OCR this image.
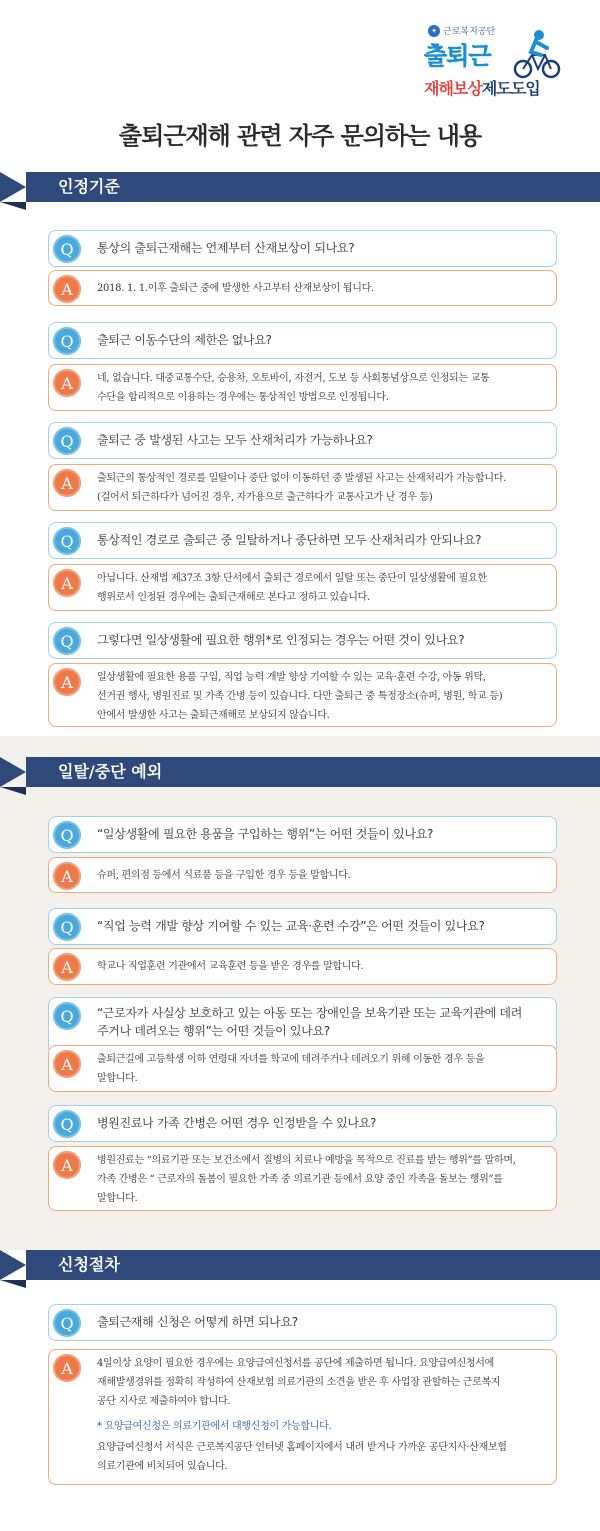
✦ 근로복지공단
출퇴근
재해보상제도도입
출퇴근재해 관련 자주 문의하는 내용
인정기준
Q	통상의 출퇴근재해는 언제부터 산재보상이 되나요?
A	2018. 1. 1.이후 출퇴근 중에 발생한 사고부터 산재보상이 됩니다.
Q	출퇴근 이동수단의 제한은 없나요?
A	네, 없습니다. 대중교통수단, 승용차, 오토바이, 자전거, 도보 등 사회통념상으로 인정되는 교통
수단을 합리적으로 이용하는 경우에는 통상적인 방법으로 인정됩니다.
Q	출퇴근 중 발생된 사고는 모두 산재처리가 가능하나요?
A	출퇴근의 통상적인 경로를 일탈이나 중단 없이 이동하던 중 발생된 사고는 산재처리가 가능합니다.
(걸어서 퇴근하다가 넘어진 경우, 자가용으로 출근하다가 교통사고가 난 경우 등)
Q	통상적인 경로로 출퇴근 중 일탈하거나 중단하면 모두 산재처리가 안되나요?
A	아닙니다. 산재법 제37조 3항 단서에서 출퇴근 경로에서 일탈 또는 중단이 일상생활에 필요한
행위로서 인정된 경우에는 출퇴근재해로 본다고 정하고 있습니다.
Q	그렇다면 일상생활에 필요한 행위*로 인정되는 경우는 어떤 것이 있나요?
A	일상생활에 필요한 용품 구입, 직업 능력 개발 향상 기여할 수 있는 교육·훈련 수강, 아동 위탁,
선거권 행사, 병원진료 및 가족 간병 등이 있습니다. 다만 출퇴근 중 특정장소(슈퍼, 병원, 학교 등)
안에서 발생한 사고는 출퇴근재해로 보상되지 않습니다.
일탈/중단 예외
Q	“일상생활에 필요한 용품을 구입하는 행위”는 어떤 것들이 있나요?
A	슈퍼, 편의점 등에서 식료품 등을 구입한 경우 등을 말합니다.
Q	“직업 능력 개발 향상 기여할 수 있는 교육·훈련 수강”은 어떤 것들이 있나요?
A	학교나 직업훈련 기관에서 교육훈련 등을 받은 경우를 말합니다.
Q	“근로자가 사실상 보호하고 있는 아동 또는 장애인을 보육기관 또는 교육기관에 데려
주거나 데려오는 행위”는 어떤 것들이 있나요?
A	출퇴근길에 고등학생 이하 연령대 자녀를 학교에 데려주거나 데려오기 위해 이동한 경우 등을
말합니다.
Q	병원진료나 가족 간병은 어떤 경우 인정받을 수 있나요?
A	병원진료는 “의료기관 또는 보건소에서 질병의 치료나 예방을 목적으로 진료를 받는 행위”를 말하며,
가족 간병은 “ 근로자의 돌봄이 필요한 가족 중 의료기관 등에서 요양 중인 가족을 돌보는 행위”를
말합니다.
신청절차
Q	출퇴근재해 신청은 어떻게 하면 되나요?
A	4일이상 요양이 필요한 경우에는 요양급여신청서를 공단에 제출하면 됩니다. 요양급여신청서에
재해발생경위를 정확히 작성하여 산재보험 의료기관의 소견을 받은 후 사업장 관할하는 근로복지
공단 지사로 제출하여야 합니다.
* 요양급여신청은 의료기관에서 대행신청이 가능합니다.
요양급여신청서 서식은 근로복지공단 인터넷 홈페이지에서 내려 받거나 가까운 공단지사·산재보험
의료기관에 비치되어 있습니다.
